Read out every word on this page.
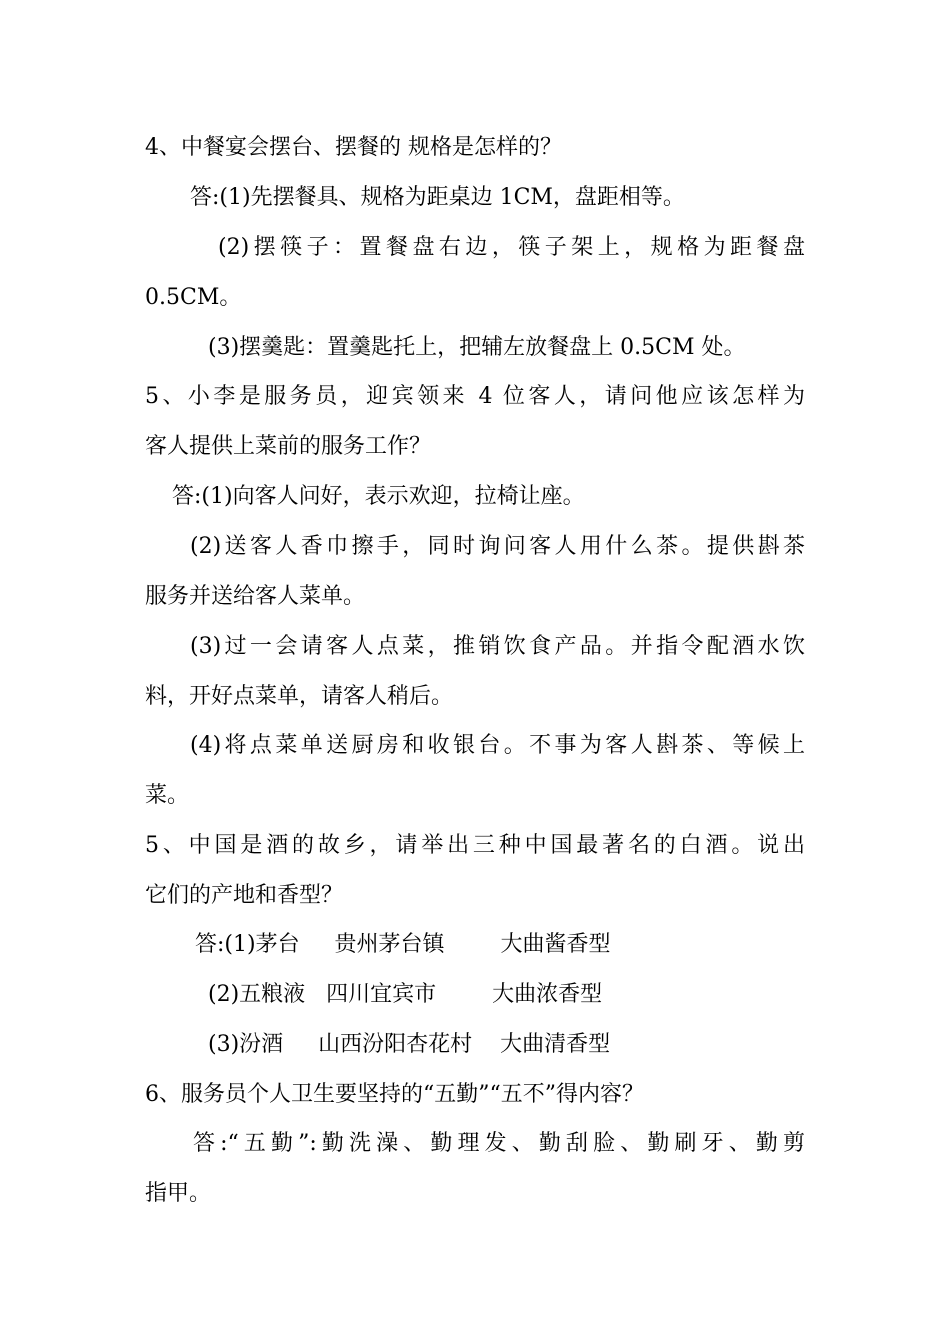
4、中餐宴会摆台、摆餐的 规格是怎样的？
答:(1)先摆餐具、规格为距桌边 1CM，盘距相等。
(2)摆筷子：置餐盘右边，筷子架上，规格为距餐盘
0.5CM。
(3)摆羹匙：置羹匙托上，把辅左放餐盘上 0.5CM 处。
5、小李是服务员，迎宾领来 4 位客人，请问他应该怎样为
客人提供上菜前的服务工作？
答:(1)向客人问好，表示欢迎，拉椅让座。
(2)送客人香巾擦手，同时询问客人用什么茶。提供斟茶
服务并送给客人菜单。
(3)过一会请客人点菜，推销饮食产品。并指令配酒水饮
料，开好点菜单，请客人稍后。
(4)将点菜单送厨房和收银台。不事为客人斟茶、等候上
菜。
5、中国是酒的故乡，请举出三种中国最著名的白酒。说出
它们的产地和香型？
答:(1)茅台     贵州茅台镇        大曲酱香型
(2)五粮液   四川宜宾市        大曲浓香型
(3)汾酒     山西汾阳杏花村    大曲清香型
6、服务员个人卫生要坚持的“五勤”“五不”得内容？
答:“五勤”:勤洗澡、勤理发、勤刮脸、勤刷牙、勤剪
指甲。
